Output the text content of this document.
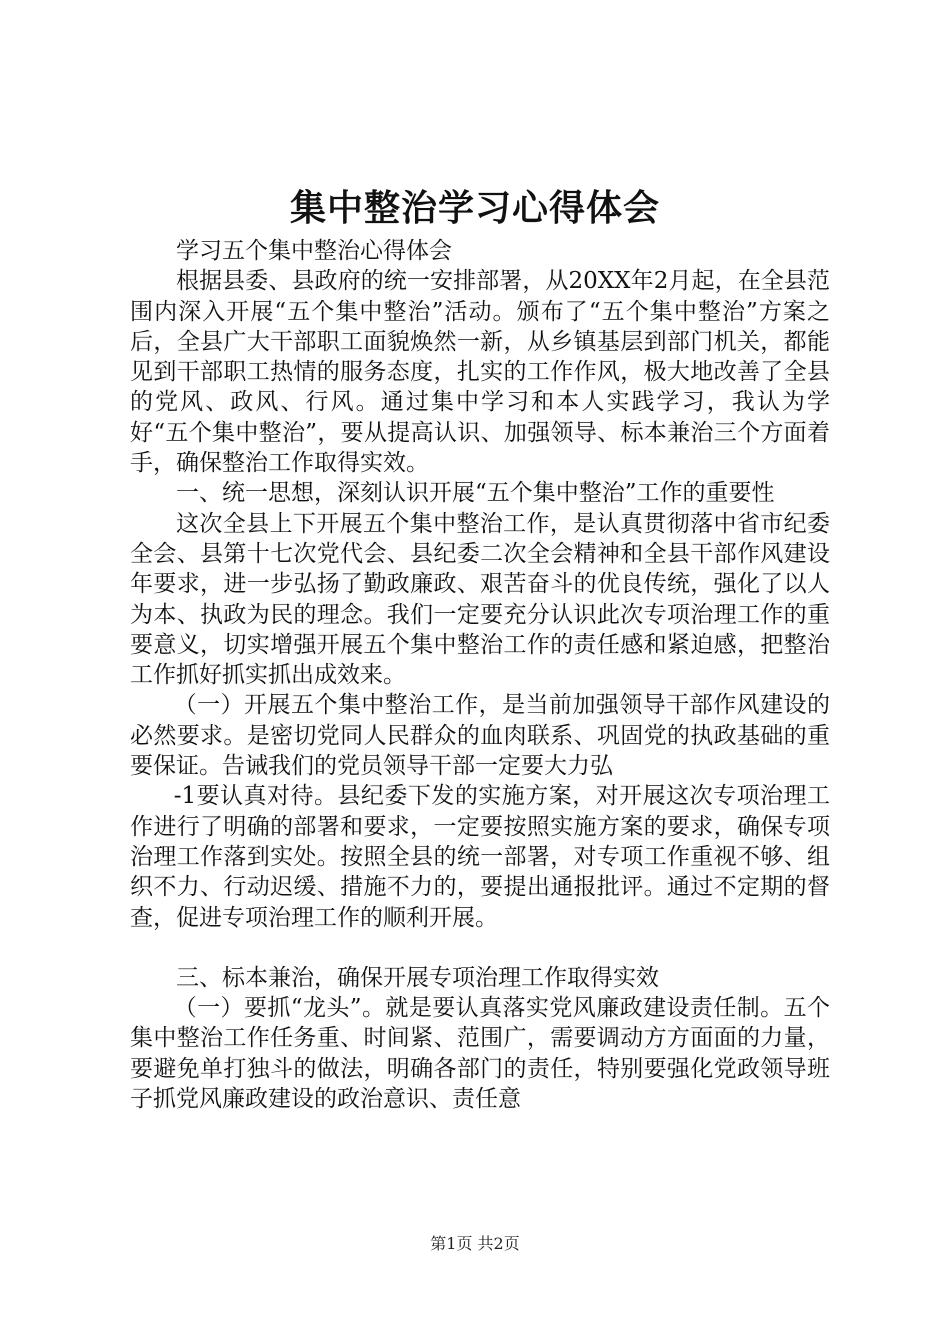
集中整治学习心得体会

学习五个集中整治心得体会

根据县委、县政府的统一安排部署，从20XX年2月起，在全县范围内深入开展“五个集中整治”活动。颁布了“五个集中整治”方案之后，全县广大干部职工面貌焕然一新，从乡镇基层到部门机关，都能见到干部职工热情的服务态度，扎实的工作作风，极大地改善了全县的党风、政风、行风。通过集中学习和本人实践学习，我认为学好“五个集中整治”，要从提高认识、加强领导、标本兼治三个方面着手，确保整治工作取得实效。

一、统一思想，深刻认识开展“五个集中整治”工作的重要性

这次全县上下开展五个集中整治工作，是认真贯彻落中省市纪委全会、县第十七次党代会、县纪委二次全会精神和全县干部作风建设年要求，进一步弘扬了勤政廉政、艰苦奋斗的优良传统，强化了以人为本、执政为民的理念。我们一定要充分认识此次专项治理工作的重要意义，切实增强开展五个集中整治工作的责任感和紧迫感，把整治工作抓好抓实抓出成效来。

（一）开展五个集中整治工作，是当前加强领导干部作风建设的必然要求。是密切党同人民群众的血肉联系、巩固党的执政基础的重要保证。告诫我们的党员领导干部一定要大力弘

-1要认真对待。县纪委下发的实施方案，对开展这次专项治理工作进行了明确的部署和要求，一定要按照实施方案的要求，确保专项治理工作落到实处。按照全县的统一部署，对专项工作重视不够、组织不力、行动迟缓、措施不力的，要提出通报批评。通过不定期的督查，促进专项治理工作的顺利开展。

三、标本兼治，确保开展专项治理工作取得实效

（一）要抓“龙头”。就是要认真落实党风廉政建设责任制。五个集中整治工作任务重、时间紧、范围广，需要调动方方面面的力量，要避免单打独斗的做法，明确各部门的责任，特别要强化党政领导班子抓党风廉政建设的政治意识、责任意

第1页 共2页
